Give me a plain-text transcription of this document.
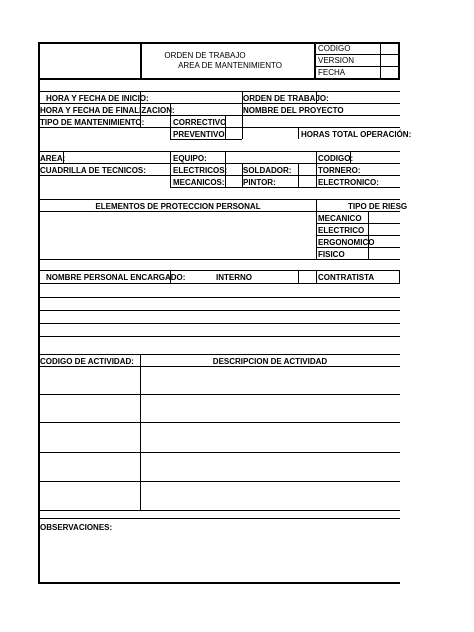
ORDEN DE TRABAJO
AREA DE MANTENIMIENTO
CODIGO
VERSION
FECHA
HORA Y FECHA DE INICIO:	ORDEN DE TRABAJO:
HORA Y FECHA DE FINALIZACION:	NOMBRE DEL PROYECTO
TIPO DE MANTENIMIENTO:	CORRECTIVO
PREVENTIVO	HORAS TOTAL OPERACIÓN:
AREA:	EQUIPO:	CODIGO:
CUADRILLA DE TECNICOS:	ELECTRICOS: SOLDADOR:	TORNERO:
MECANICOS: PINTOR:	ELECTRONICO:
ELEMENTOS DE PROTECCION PERSONAL	TIPO DE RIESG
MECANICO
ELECTRICO
ERGONOMICO
FISICO
NOMBRE PERSONAL ENCARGADO:	INTERNO	CONTRATISTA
CODIGO DE ACTIVIDAD:	DESCRIPCION DE ACTIVIDAD
OBSERVACIONES:
